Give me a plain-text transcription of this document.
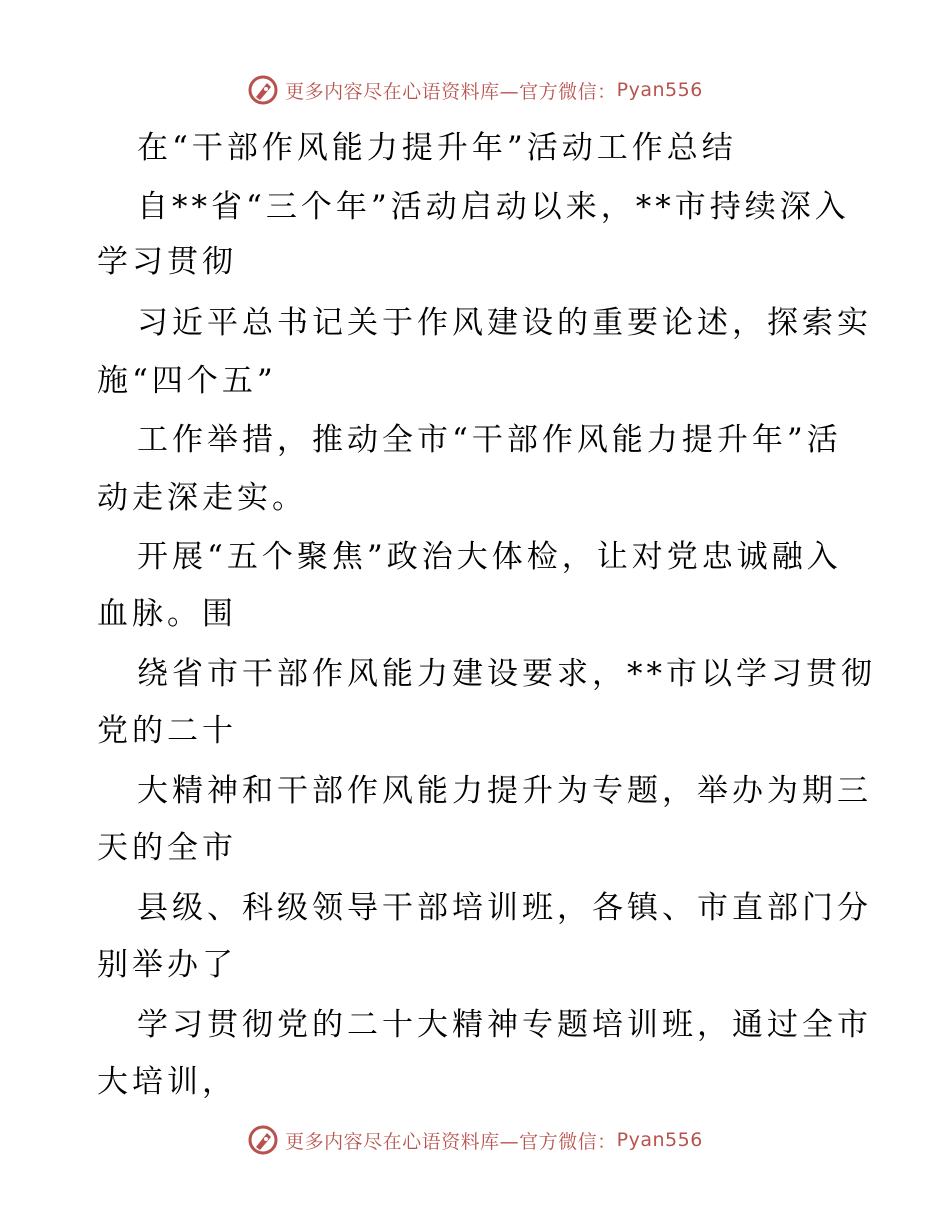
更多内容尽在心语资料库—官方微信： Pyan556
在“干部作风能力提升年”活动工作总结
自**省“三个年”活动启动以来，**市持续深入
学习贯彻
习近平总书记关于作风建设的重要论述，探索实
施“四个五”
工作举措，推动全市“干部作风能力提升年”活
动走深走实。
开展“五个聚焦”政治大体检，让对党忠诚融入
血脉。围
绕省市干部作风能力建设要求，**市以学习贯彻
党的二十
大精神和干部作风能力提升为专题，举办为期三
天的全市
县级、科级领导干部培训班，各镇、市直部门分
别举办了
学习贯彻党的二十大精神专题培训班，通过全市
大培训，
更多内容尽在心语资料库—官方微信： Pyan556
